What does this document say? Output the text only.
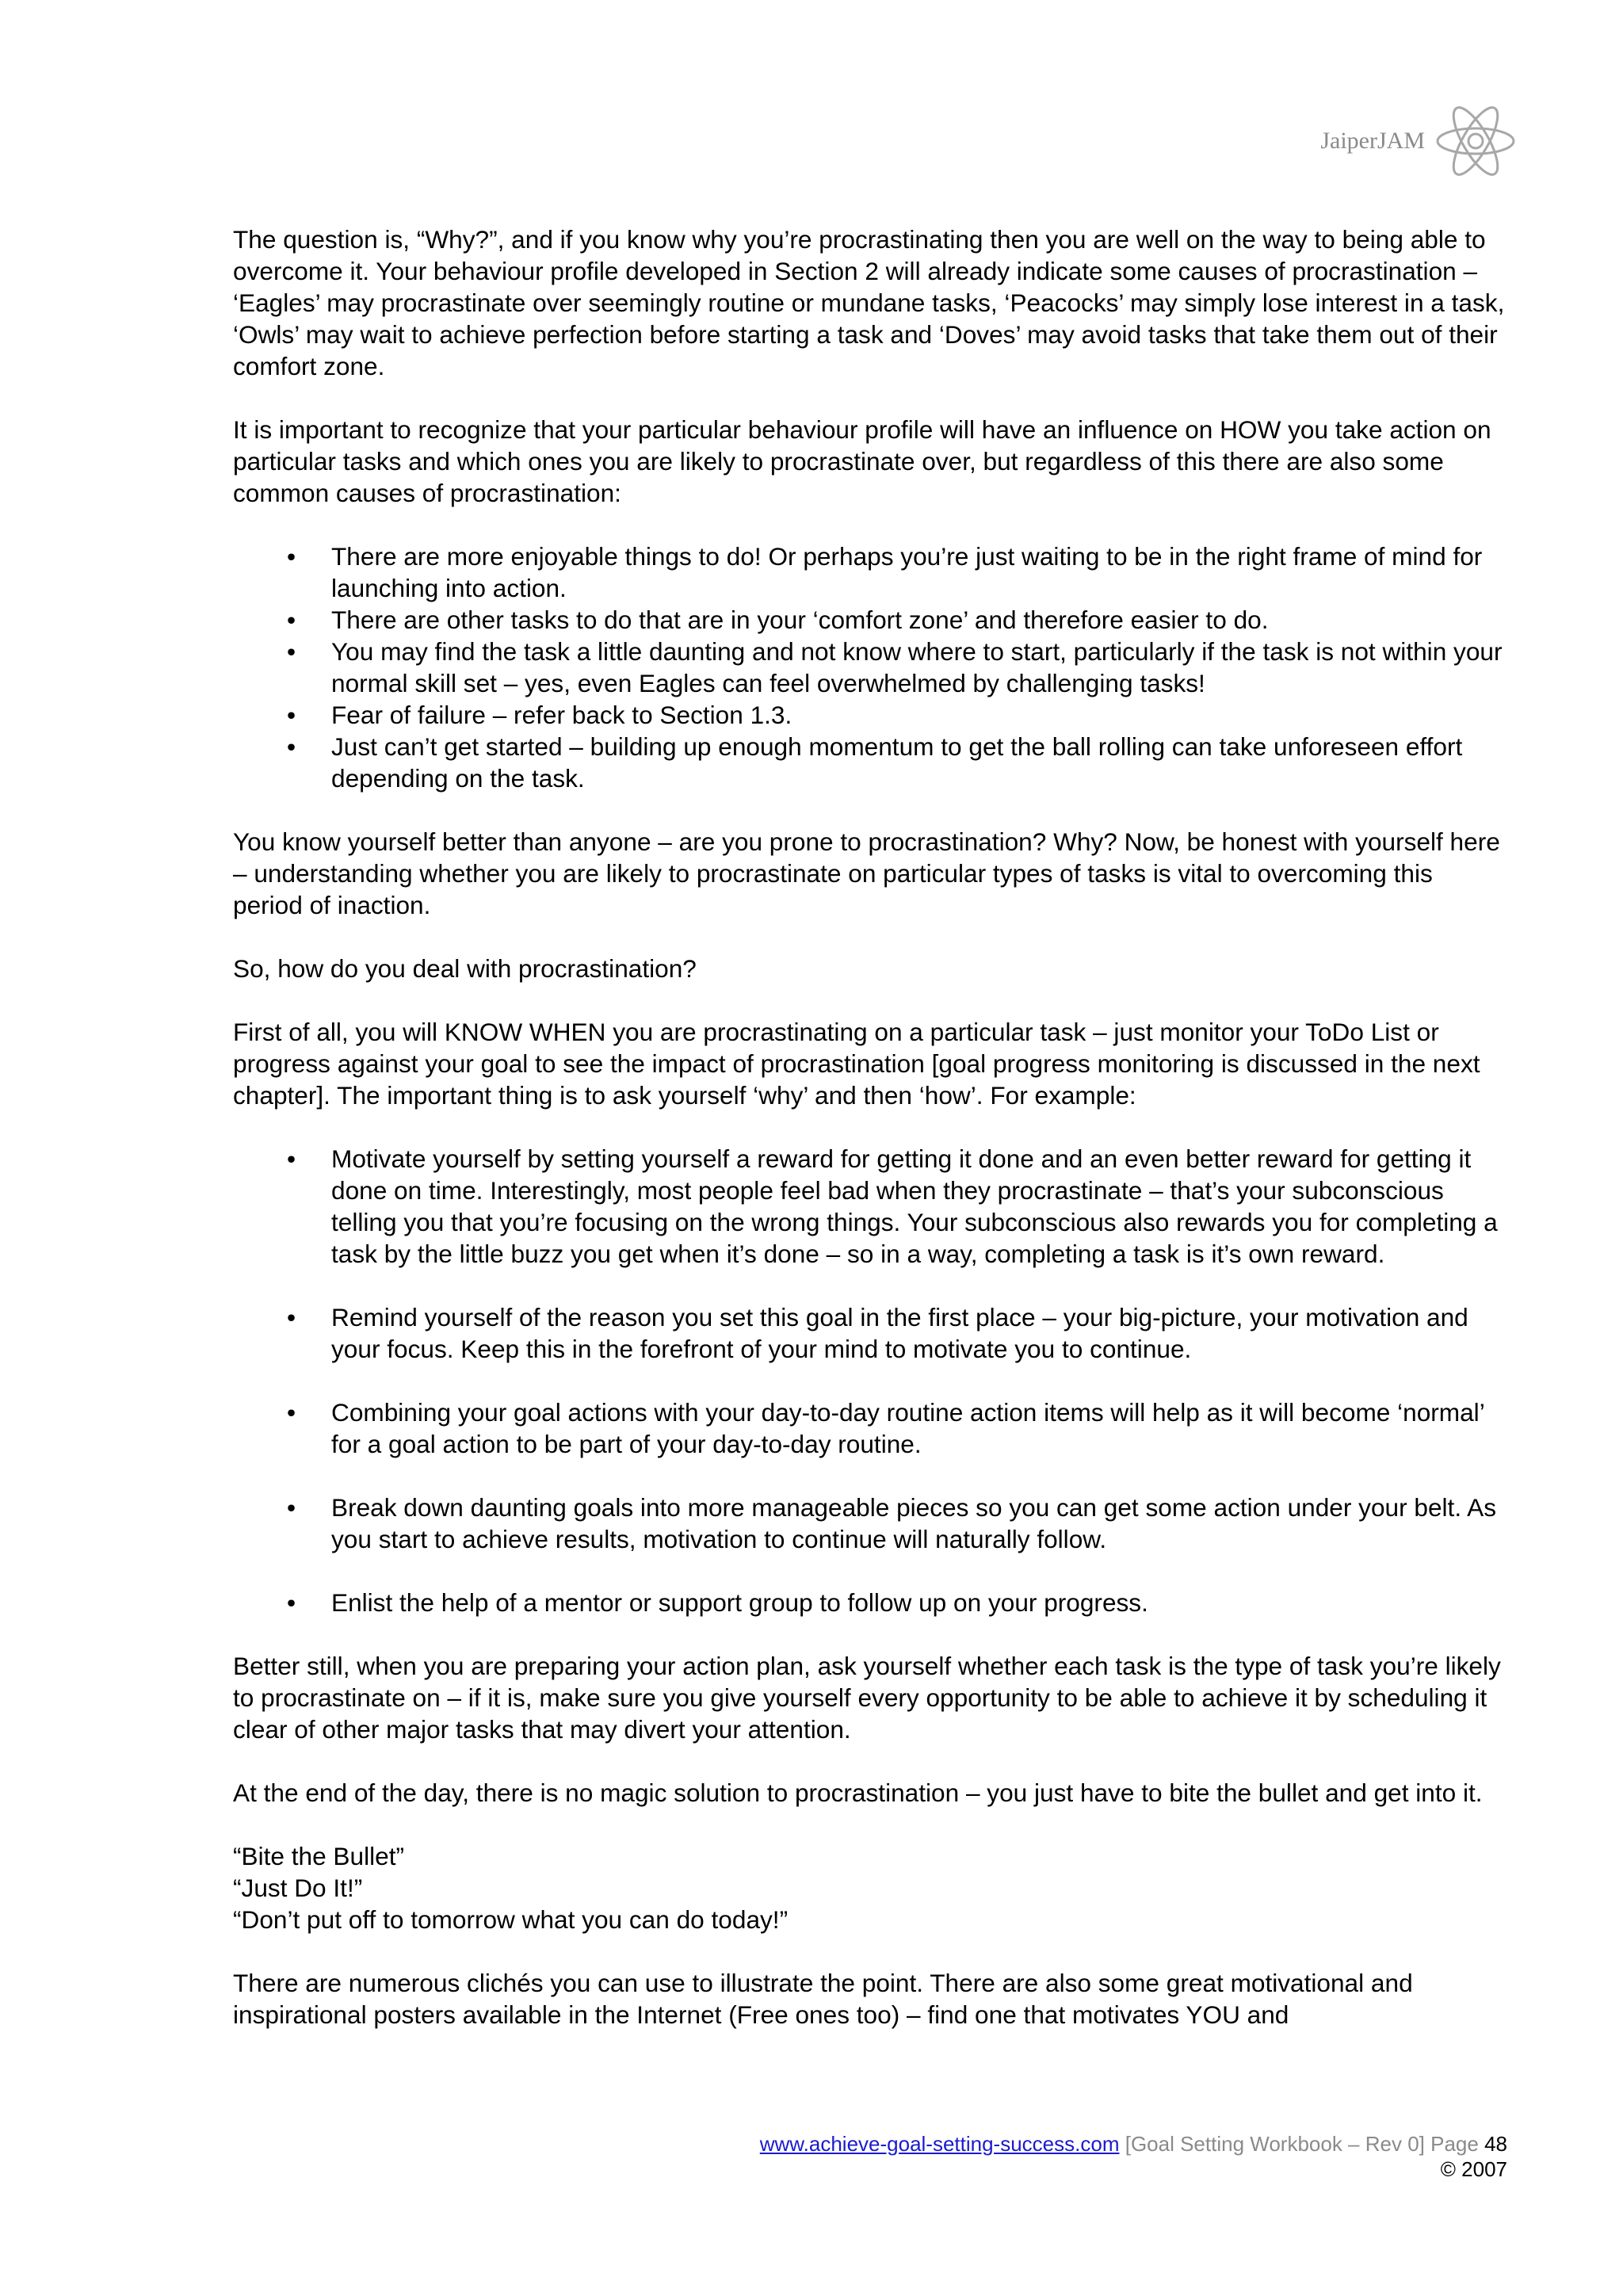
JaiperJAM

The question is, “Why?”, and if you know why you’re procrastinating then you are well on the way to being able to overcome it. Your behaviour profile developed in Section 2 will already indicate some causes of procrastination – ‘Eagles’ may procrastinate over seemingly routine or mundane tasks, ‘Peacocks’ may simply lose interest in a task, ‘Owls’ may wait to achieve perfection before starting a task and ‘Doves’ may avoid tasks that take them out of their comfort zone.

It is important to recognize that your particular behaviour profile will have an influence on HOW you take action on particular tasks and which ones you are likely to procrastinate over, but regardless of this there are also some common causes of procrastination:

• There are more enjoyable things to do! Or perhaps you’re just waiting to be in the right frame of mind for launching into action.
• There are other tasks to do that are in your ‘comfort zone’ and therefore easier to do.
• You may find the task a little daunting and not know where to start, particularly if the task is not within your normal skill set – yes, even Eagles can feel overwhelmed by challenging tasks!
• Fear of failure – refer back to Section 1.3.
• Just can’t get started – building up enough momentum to get the ball rolling can take unforeseen effort depending on the task.

You know yourself better than anyone – are you prone to procrastination? Why? Now, be honest with yourself here – understanding whether you are likely to procrastinate on particular types of tasks is vital to overcoming this period of inaction.

So, how do you deal with procrastination?

First of all, you will KNOW WHEN you are procrastinating on a particular task – just monitor your ToDo List or progress against your goal to see the impact of procrastination [goal progress monitoring is discussed in the next chapter]. The important thing is to ask yourself ‘why’ and then ‘how’. For example:

• Motivate yourself by setting yourself a reward for getting it done and an even better reward for getting it done on time. Interestingly, most people feel bad when they procrastinate – that’s your subconscious telling you that you’re focusing on the wrong things. Your subconscious also rewards you for completing a task by the little buzz you get when it’s done – so in a way, completing a task is it’s own reward.
• Remind yourself of the reason you set this goal in the first place – your big-picture, your motivation and your focus. Keep this in the forefront of your mind to motivate you to continue.
• Combining your goal actions with your day-to-day routine action items will help as it will become ‘normal’ for a goal action to be part of your day-to-day routine.
• Break down daunting goals into more manageable pieces so you can get some action under your belt. As you start to achieve results, motivation to continue will naturally follow.
• Enlist the help of a mentor or support group to follow up on your progress.

Better still, when you are preparing your action plan, ask yourself whether each task is the type of task you’re likely to procrastinate on – if it is, make sure you give yourself every opportunity to be able to achieve it by scheduling it clear of other major tasks that may divert your attention.

At the end of the day, there is no magic solution to procrastination – you just have to bite the bullet and get into it.

“Bite the Bullet”

“Just Do It!”

“Don’t put off to tomorrow what you can do today!”

There are numerous clichés you can use to illustrate the point. There are also some great motivational and inspirational posters available in the Internet (Free ones too) – find one that motivates YOU and

www.achieve-goal-setting-success.com [Goal Setting Workbook – Rev 0] Page 48
© 2007
